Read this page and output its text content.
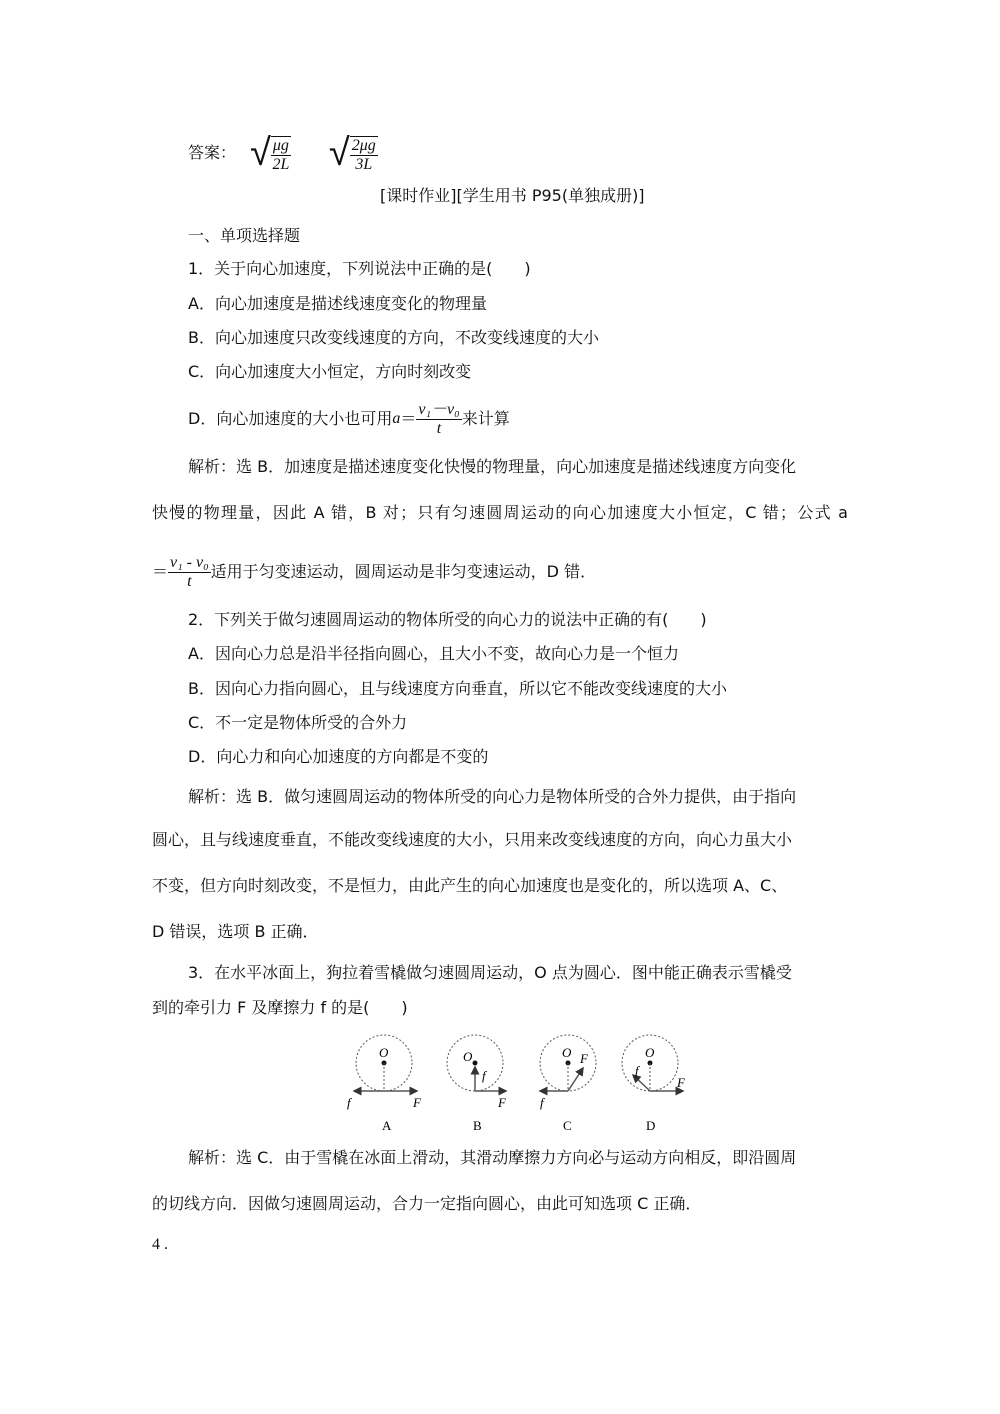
答案： √ $\frac{\mu g}{2L}$ √ $\frac{2\mu g}{3L}$
[课时作业][学生用书 P95(单独成册)]
一、单项选择题
1．关于向心加速度，下列说法中正确的是(　　)
A．向心加速度是描述线速度变化的物理量
B．向心加速度只改变线速度的方向，不改变线速度的大小
C．向心加速度大小恒定，方向时刻改变
D．向心加速度的大小也可用 $a = \frac{\text{v₁－v₀}}{t}$ 来计算
解析：选 B．加速度是描述速度变化快慢的物理量，向心加速度是描述线速度方向变化
快慢的物理量，因此 A 错，B 对；只有匀速圆周运动的向心加速度大小恒定，C 错；公式 a
＝ $\frac{\text{v₁ - v₀}}{t}$ 适用于匀变速运动，圆周运动是非匀变速运动，D 错．
2．下列关于做匀速圆周运动的物体所受的向心力的说法中正确的有(　　)
A．因向心力总是沿半径指向圆心，且大小不变，故向心力是一个恒力
B．因向心力指向圆心，且与线速度方向垂直，所以它不能改变线速度的大小
C．不一定是物体所受的合外力
D．向心力和向心加速度的方向都是不变的
解析：选 B．做匀速圆周运动的物体所受的向心力是物体所受的合外力提供，由于指向
圆心，且与线速度垂直，不能改变线速度的大小，只用来改变线速度的方向，向心力虽大小
不变，但方向时刻改变，不是恒力，由此产生的向心加速度也是变化的，所以选项 A、C、
D 错误，选项 B 正确．
3．在水平冰面上，狗拉着雪橇做匀速圆周运动，O 点为圆心．图中能正确表示雪橇受
到的牵引力 F 及摩擦力 f 的是(　　)
O
f	F
A
O
f
F
B
O
f
F
C
O
f
F
D
解析：选 C．由于雪橇在冰面上滑动，其滑动摩擦力方向必与运动方向相反，即沿圆周
的切线方向．因做匀速圆周运动，合力一定指向圆心，由此可知选项 C 正确．
4 .
